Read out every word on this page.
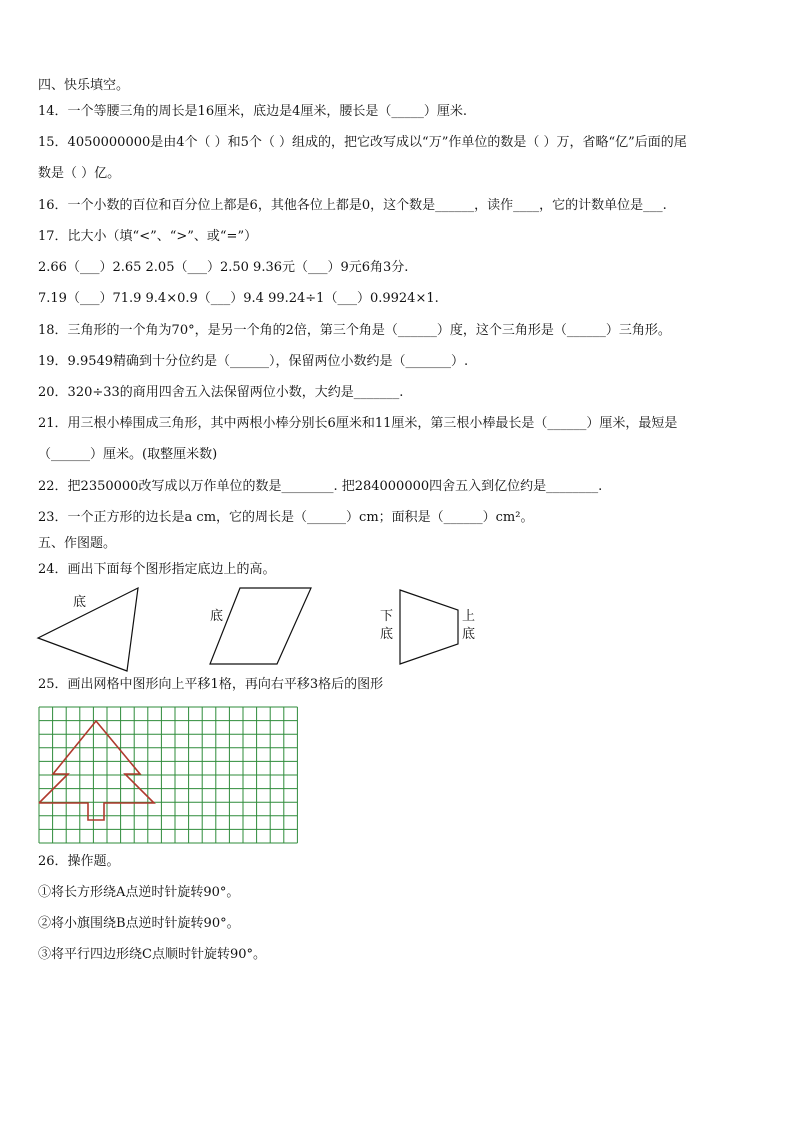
四、快乐填空。

14．一个等腰三角的周长是16厘米，底边是4厘米，腰长是（_____）厘米.

15．4050000000是由4个（ ）和5个（ ）组成的，把它改写成以“万”作单位的数是（ ）万，省略“亿”后面的尾

数是（ ）亿。

16．一个小数的百位和百分位上都是6，其他各位上都是0，这个数是______，读作____，它的计数单位是___.

17．比大小（填“<”、“>”、或“=”）

2.66（___）2.65 2.05（___）2.50 9.36元（___）9元6角3分.

7.19（___）71.9 9.4×0.9（___）9.4 99.24÷1（___）0.9924×1.

18．三角形的一个角为70°，是另一个角的2倍，第三个角是（______）度，这个三角形是（______）三角形。

19．9.9549精确到十分位约是（______），保留两位小数约是（_______）.

20．320÷33的商用四舍五入法保留两位小数，大约是_______.

21．用三根小棒围成三角形，其中两根小棒分别长6厘米和11厘米，第三根小棒最长是（______）厘米，最短是

（______）厘米。(取整厘米数)

22．把2350000改写成以万作单位的数是________. 把284000000四舍五入到亿位约是________.

23．一个正方形的边长是a cm，它的周长是（______）cm；面积是（______）cm²。

五、作图题。

24．画出下面每个图形指定底边上的高。

底
底	下
底
上
底

25．画出网格中图形向上平移1格，再向右平移3格后的图形

26．操作题。

①将长方形绕A点逆时针旋转90°。

②将小旗围绕B点逆时针旋转90°。

③将平行四边形绕C点顺时针旋转90°。
